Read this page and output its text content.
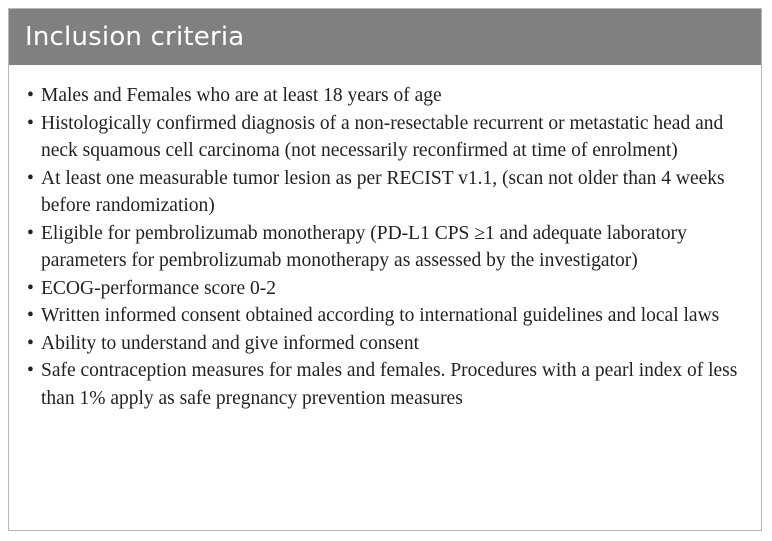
Inclusion criteria
• Males and Females who are at least 18 years of age
• Histologically confirmed diagnosis of a non-resectable recurrent or metastatic head and neck squamous cell carcinoma (not necessarily reconfirmed at time of enrolment)
• At least one measurable tumor lesion as per RECIST v1.1, (scan not older than 4 weeks before randomization)
• Eligible for pembrolizumab monotherapy (PD-L1 CPS ≥1 and adequate laboratory parameters for pembrolizumab monotherapy as assessed by the investigator)
• ECOG-performance score 0-2
• Written informed consent obtained according to international guidelines and local laws
• Ability to understand and give informed consent
• Safe contraception measures for males and females. Procedures with a pearl index of less than 1% apply as safe pregnancy prevention measures
